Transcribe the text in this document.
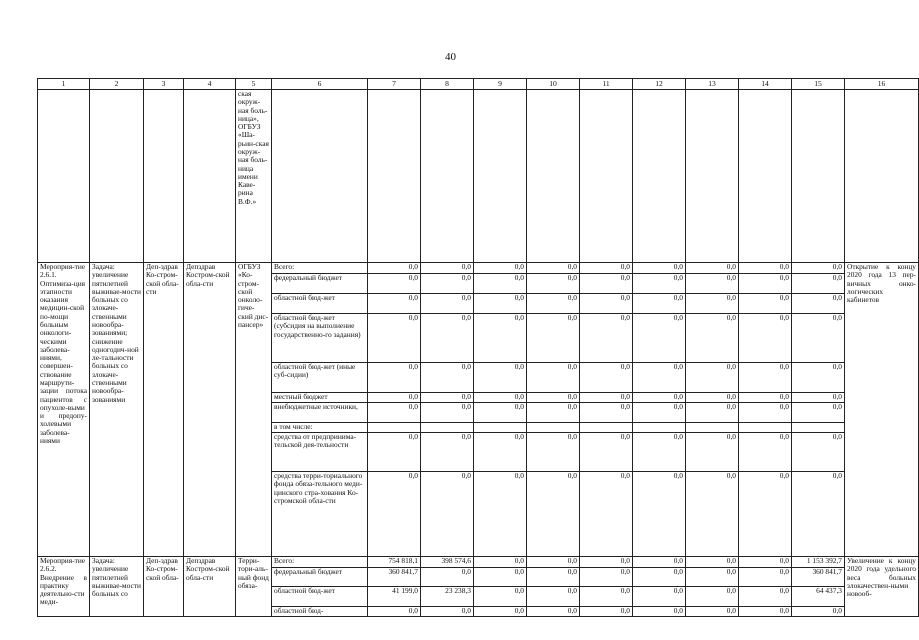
40
1	2	3	4	5	6	7	8	9	10	11	12	13	14	15	16
				ская окруж-ная боль-ница», ОГБУЗ «Ша-рьин-ская окруж-ная боль-ница имени Каве-рина В.Ф.»											
Мероприя-тие 2.6.1. Оптимиза-ция этапности оказания медицин-ской по-мощи больным онкологи-ческими заболева-ниями, совершен-ствование маршрути-зации потока пациентов с опухоле-выми и предопу-холевыми заболева-ниями	Задача: увеличение пятилетней выживае-мости больных со злокаче-ственными новообра-зованиями; снижение одногодич-ной ле-тальности больных со злокаче-ственными новообра-зованиями	Деп-здрав Ко-стром-ской обла-сти	Депздрав Костром-ской обла-сти	ОГБУЗ «Ко-стром-ской онколо-гиче-ский дис-пансер»	Всего:	0,0	0,0	0,0	0,0	0,0	0,0	0,0	0,0	0,0	Открытие к концу 2020 года 13 пер-вичных онко-логических кабинетов
					федеральный бюджет	0,0	0,0	0,0	0,0	0,0	0,0	0,0	0,0	0,0	
					областной бюд-жет	0,0	0,0	0,0	0,0	0,0	0,0	0,0	0,0	0,0	
					областной бюд-жет (субсидия на выполнение государственно-го задания)	0,0	0,0	0,0	0,0	0,0	0,0	0,0	0,0	0,0	
					областной бюд-жет (иные суб-сидии)	0,0	0,0	0,0	0,0	0,0	0,0	0,0	0,0	0,0	
					местный бюджет	0,0	0,0	0,0	0,0	0,0	0,0	0,0	0,0	0,0	
					внебюджетные источники,	0,0	0,0	0,0	0,0	0,0	0,0	0,0	0,0	0,0	
					в том числе:										
					средства от предпринима-тельской дея-тельности	0,0	0,0	0,0	0,0	0,0	0,0	0,0	0,0	0,0	
					средства терри-ториального фонда обяза-тельного меди-цинского стра-хования Ко-стромской обла-сти	0,0	0,0	0,0	0,0	0,0	0,0	0,0	0,0	0,0	
Мероприя-тие 2.6.2. Внедрение в практику деятельно-сти меди-	Задача: увеличение пятилетней выживае-мости больных со	Деп-здрав Ко-стром-ской обла-	Депздрав Костром-ской обла-сти	Терри-тори-аль-ный фонд обяза-	Всего:	754 818,1	398 574,6	0,0	0,0	0,0	0,0	0,0	0,0	1 153 392,7	Увеличение к концу 2020 года удельного веса больных злокачествен-ными новооб-
					федеральный бюджет	360 841,7	0,0	0,0	0,0	0,0	0,0	0,0	0,0	360 841,7	
					областной бюд-жет	41 199,0	23 238,3	0,0	0,0	0,0	0,0	0,0	0,0	64 437,3	
					областной бюд-	0,0	0,0	0,0	0,0	0,0	0,0	0,0	0,0	0,0	
